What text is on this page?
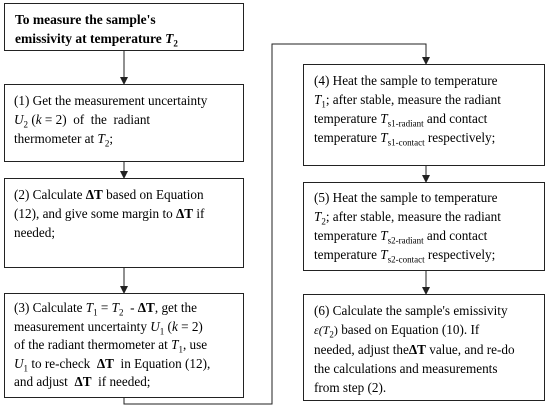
To measure the sample's
emissivity at temperature $T_2$
(1) Get the measurement uncertainty
$U_2$ (k = 2)  of  the  radiant
thermometer at $T_2$;
(2) Calculate ΔT based on Equation
(12), and give some margin to ΔT if
needed;
(3) Calculate $T_1 = T_2 - \Delta T$, get the
measurement uncertainty $U_1$ (k = 2)
of the radiant thermometer at $T_1$, use
$U_1$ to re-check  ΔT  in Equation (12),
and adjust  ΔT  if needed;
(4) Heat the sample to temperature
$T_1$; after stable, measure the radiant
temperature $T_{s1-radiant}$ and contact
temperature $T_{s1-contact}$ respectively;
(5) Heat the sample to temperature
$T_2$; after stable, measure the radiant
temperature $T_{s2-radiant}$ and contact
temperature $T_{s2-contact}$ respectively;
(6) Calculate the sample's emissivity
$\varepsilon(T_2)$ based on Equation (10). If
needed, adjust theΔT value, and re-do
the calculations and measurements
from step (2).
